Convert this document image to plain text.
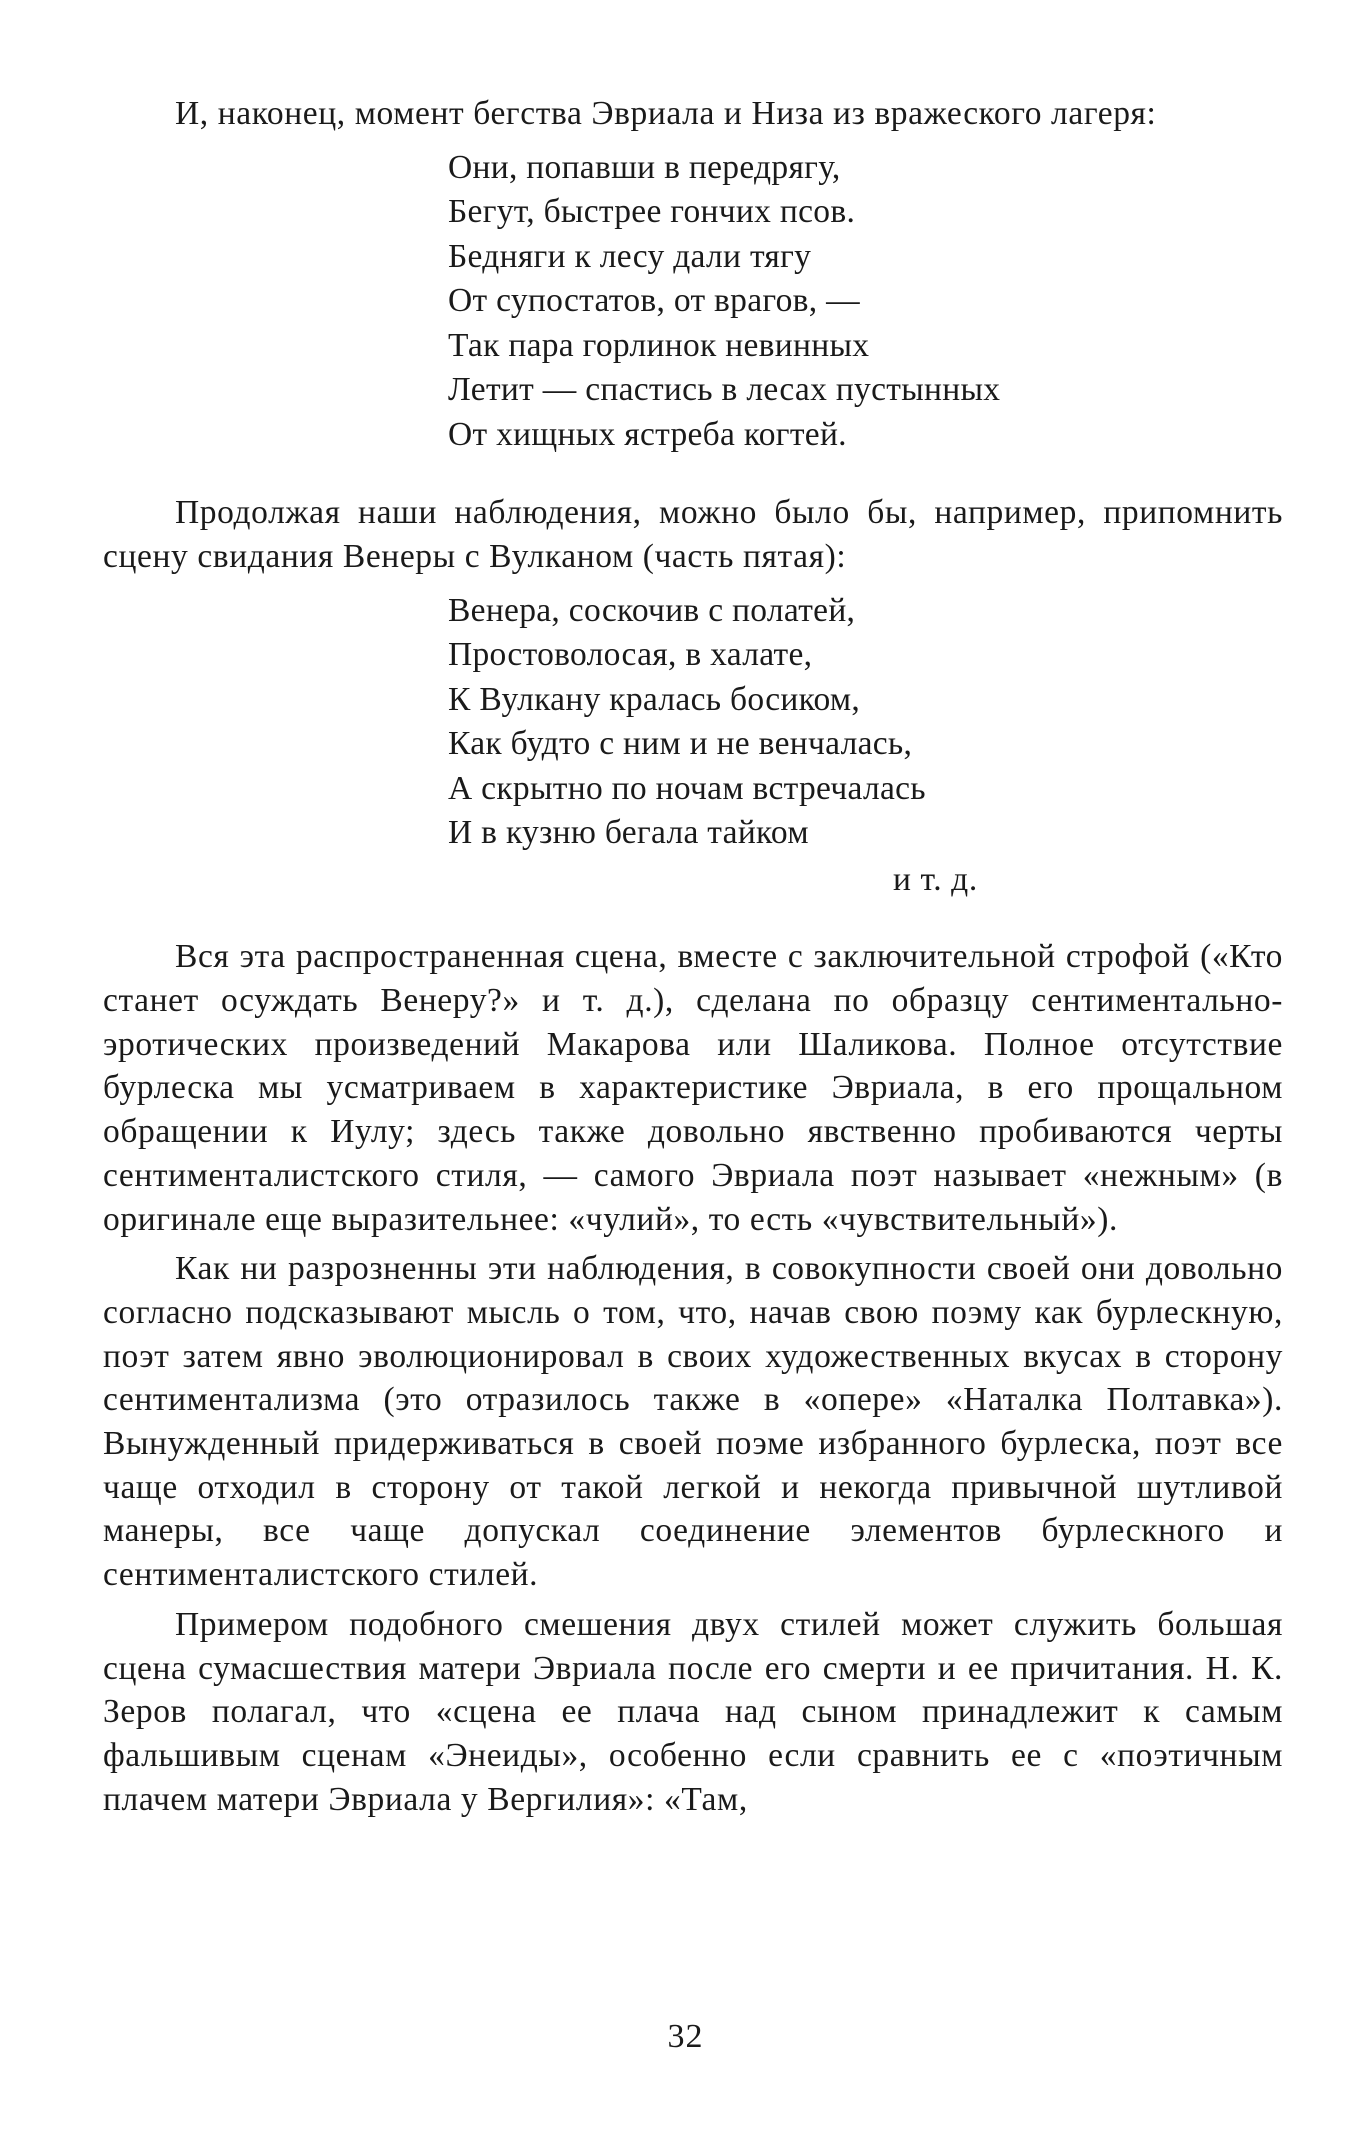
И, наконец, момент бегства Эвриала и Низа из вражеского лагеря:

Они, попавши в передрягу,
Бегут, быстрее гончих псов.
Бедняги к лесу дали тягу
От супостатов, от врагов, —
Так пара горлинок невинных
Летит — спастись в лесах пустынных
От хищных ястреба когтей.

Продолжая наши наблюдения, можно было бы, например, припомнить сцену свидания Венеры с Вулканом (часть пятая):

Венера, соскочив с полатей,
Простоволосая, в халате,
К Вулкану кралась босиком,
Как будто с ним и не венчалась,
А скрытно по ночам встречалась
И в кузню бегала тайком
и т. д.

Вся эта распространенная сцена, вместе с заключительной строфой («Кто станет осуждать Венеру?» и т. д.), сделана по образцу сентиментально-эротических произведений Макарова или Шаликова. Полное отсутствие бурлеска мы усматриваем в характеристике Эвриала, в его прощальном обращении к Иулу; здесь также довольно явственно пробиваются черты сентименталистского стиля, — самого Эвриала поэт называет «нежным» (в оригинале еще выразительнее: «чулий», то есть «чувствительный»).

Как ни разрозненны эти наблюдения, в совокупности своей они довольно согласно подсказывают мысль о том, что, начав свою поэму как бурлескную, поэт затем явно эволюционировал в своих художественных вкусах в сторону сентиментализма (это отразилось также в «опере» «Наталка Полтавка»). Вынужденный придерживаться в своей поэме избранного бурлеска, поэт все чаще отходил в сторону от такой легкой и некогда привычной шутливой манеры, все чаще допускал соединение элементов бурлескного и сентименталистского стилей.

Примером подобного смешения двух стилей может служить большая сцена сумасшествия матери Эвриала после его смерти и ее причитания. Н. К. Зеров полагал, что «сцена ее плача над сыном принадлежит к самым фальшивым сценам «Энеиды», особенно если сравнить ее с «поэтичным плачем матери Эвриала у Вергилия»: «Там,

32
